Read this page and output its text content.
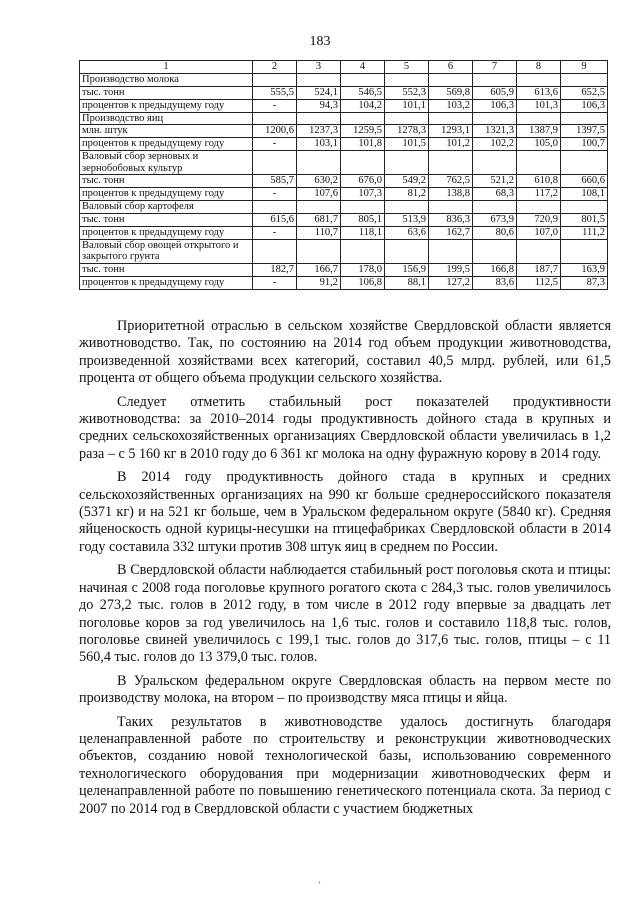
183
1	2	3	4	5	6	7	8	9
Производство молока								
тыс. тонн	555,5	524,1	546,5	552,3	569,8	605,9	613,6	652,5
процентов к предыдущему году	-	94,3	104,2	101,1	103,2	106,3	101,3	106,3
Производство яиц								
млн. штук	1200,6	1237,3	1259,5	1278,3	1293,1	1321,3	1387,9	1397,5
процентов к предыдущему году	-	103,1	101,8	101,5	101,2	102,2	105,0	100,7
Валовый сбор зерновых и зернобобовых культур								
тыс. тонн	585,7	630,2	676,0	549,2	762,5	521,2	610,8	660,6
процентов к предыдущему году	-	107,6	107,3	81,2	138,8	68,3	117,2	108,1
Валовый сбор картофеля								
тыс. тонн	615,6	681,7	805,1	513,9	836,3	673,9	720,9	801,5
процентов к предыдущему году	-	110,7	118,1	63,6	162,7	80,6	107,0	111,2
Валовый сбор овощей открытого и закрытого грунта								
тыс. тонн	182,7	166,7	178,0	156,9	199,5	166,8	187,7	163,9
процентов к предыдущему году	-	91,2	106,8	88,1	127,2	83,6	112,5	87,3

Приоритетной отраслью в сельском хозяйстве Свердловской области является животноводство. Так, по состоянию на 2014 год объем продукции животноводства, произведенной хозяйствами всех категорий, составил 40,5 млрд. рублей, или 61,5 процента от общего объема продукции сельского хозяйства.

Следует отметить стабильный рост показателей продуктивности животноводства: за 2010–2014 годы продуктивность дойного стада в крупных и средних сельскохозяйственных организациях Свердловской области увеличилась в 1,2 раза – с 5 160 кг в 2010 году до 6 361 кг молока на одну фуражную корову в 2014 году.

В 2014 году продуктивность дойного стада в крупных и средних сельскохозяйственных организациях на 990 кг больше среднероссийского показателя (5371 кг) и на 521 кг больше, чем в Уральском федеральном округе (5840 кг). Средняя яйценоскость одной курицы-несушки на птицефабриках Свердловской области в 2014 году составила 332 штуки против 308 штук яиц в среднем по России.

В Свердловской области наблюдается стабильный рост поголовья скота и птицы: начиная с 2008 года поголовье крупного рогатого скота с 284,3 тыс. голов увеличилось до 273,2 тыс. голов в 2012 году, в том числе в 2012 году впервые за двадцать лет поголовье коров за год увеличилось на 1,6 тыс. голов и составило 118,8 тыс. голов, поголовье свиней увеличилось с 199,1 тыс. голов до 317,6 тыс. голов, птицы – с 11 560,4 тыс. голов до 13 379,0 тыс. голов.

В Уральском федеральном округе Свердловская область на первом месте по производству молока, на втором – по производству мяса птицы и яйца.

Таких результатов в животноводстве удалось достигнуть благодаря целенаправленной работе по строительству и реконструкции животноводческих объектов, созданию новой технологической базы, использованию современного технологического оборудования при модернизации животноводческих ферм и целенаправленной работе по повышению генетического потенциала скота. За период с 2007 по 2014 год в Свердловской области с участием бюджетных

ʽ
